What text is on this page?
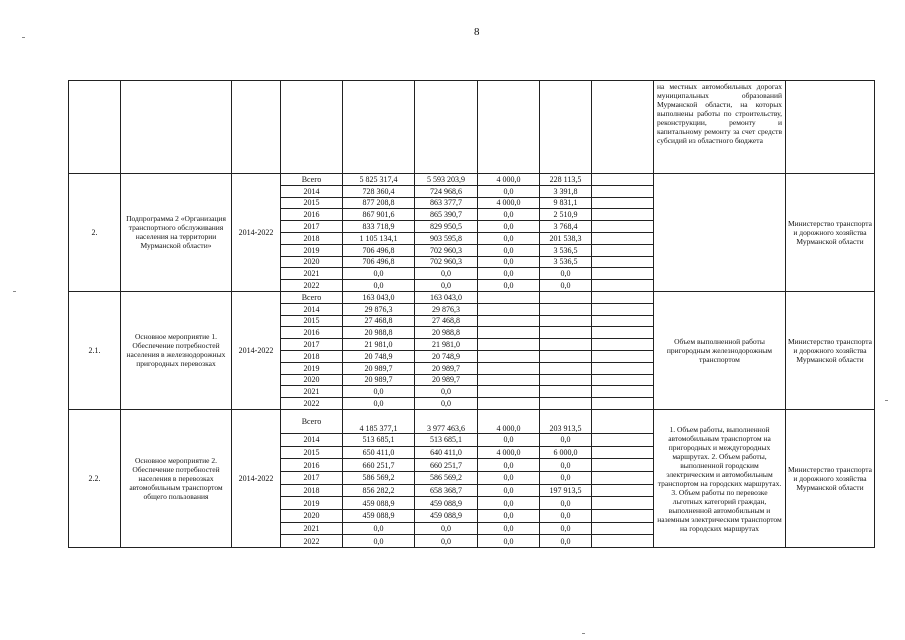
8
									на местных автомобильных дорогах муниципальных образований Мурманской области, на которых выполнены работы по строительству, реконструкции, ремонту и капитальному ремонту за счет средств субсидий из областного бюджета	
2.	Подпрограмма 2 «Организация транспортного обслуживания населения на территории Мурманской области»	2014-2022	Всего	5 825 317,4	5 593 203,9	4 000,0	228 113,5			Министерство транспорта и дорожного хозяйства Мурманской области
			2014	728 360,4	724 968,6	0,0	3 391,8			
			2015	877 208,8	863 377,7	4 000,0	9 831,1			
			2016	867 901,6	865 390,7	0,0	2 510,9			
			2017	833 718,9	829 950,5	0,0	3 768,4			
			2018	1 105 134,1	903 595,8	0,0	201 538,3			
			2019	706 496,8	702 960,3	0,0	3 536,5			
			2020	706 496,8	702 960,3	0,0	3 536,5			
			2021	0,0	0,0	0,0	0,0			
			2022	0,0	0,0	0,0	0,0			
2.1.	Основное мероприятие 1. Обеспечение потребностей населения в железнодорожных пригородных перевозках	2014-2022	Всего	163 043,0	163 043,0				Объем выполненной работы пригородным железнодорожным транспортом	Министерство транспорта и дорожного хозяйства Мурманской области
			2014	29 876,3	29 876,3					
			2015	27 468,8	27 468,8					
			2016	20 988,8	20 988,8					
			2017	21 981,0	21 981,0					
			2018	20 748,9	20 748,9					
			2019	20 989,7	20 989,7					
			2020	20 989,7	20 989,7					
			2021	0,0	0,0					
			2022	0,0	0,0					
2.2.	Основное мероприятие 2. Обеспечение потребностей населения в перевозках автомобильным транспортом общего пользования	2014-2022	Всего	4 185 377,1	3 977 463,6	4 000,0	203 913,5		1. Объем работы, выполненной автомобильным транспортом на пригородных и междугородных маршрутах. 2. Объем работы, выполненной городским электрическим и автомобильным транспортом на городских маршрутах. 3. Объем работы по перевозке льготных категорий граждан, выполненной автомобильным и наземным электрическим транспортом на городских маршрутах	Министерство транспорта и дорожного хозяйства Мурманской области
			2014	513 685,1	513 685,1	0,0	0,0			
			2015	650 411,0	640 411,0	4 000,0	6 000,0			
			2016	660 251,7	660 251,7	0,0	0,0			
			2017	586 569,2	586 569,2	0,0	0,0			
			2018	856 282,2	658 368,7	0,0	197 913,5			
			2019	459 088,9	459 088,9	0,0	0,0			
			2020	459 088,9	459 088,9	0,0	0,0			
			2021	0,0	0,0	0,0	0,0			
			2022	0,0	0,0	0,0	0,0			
